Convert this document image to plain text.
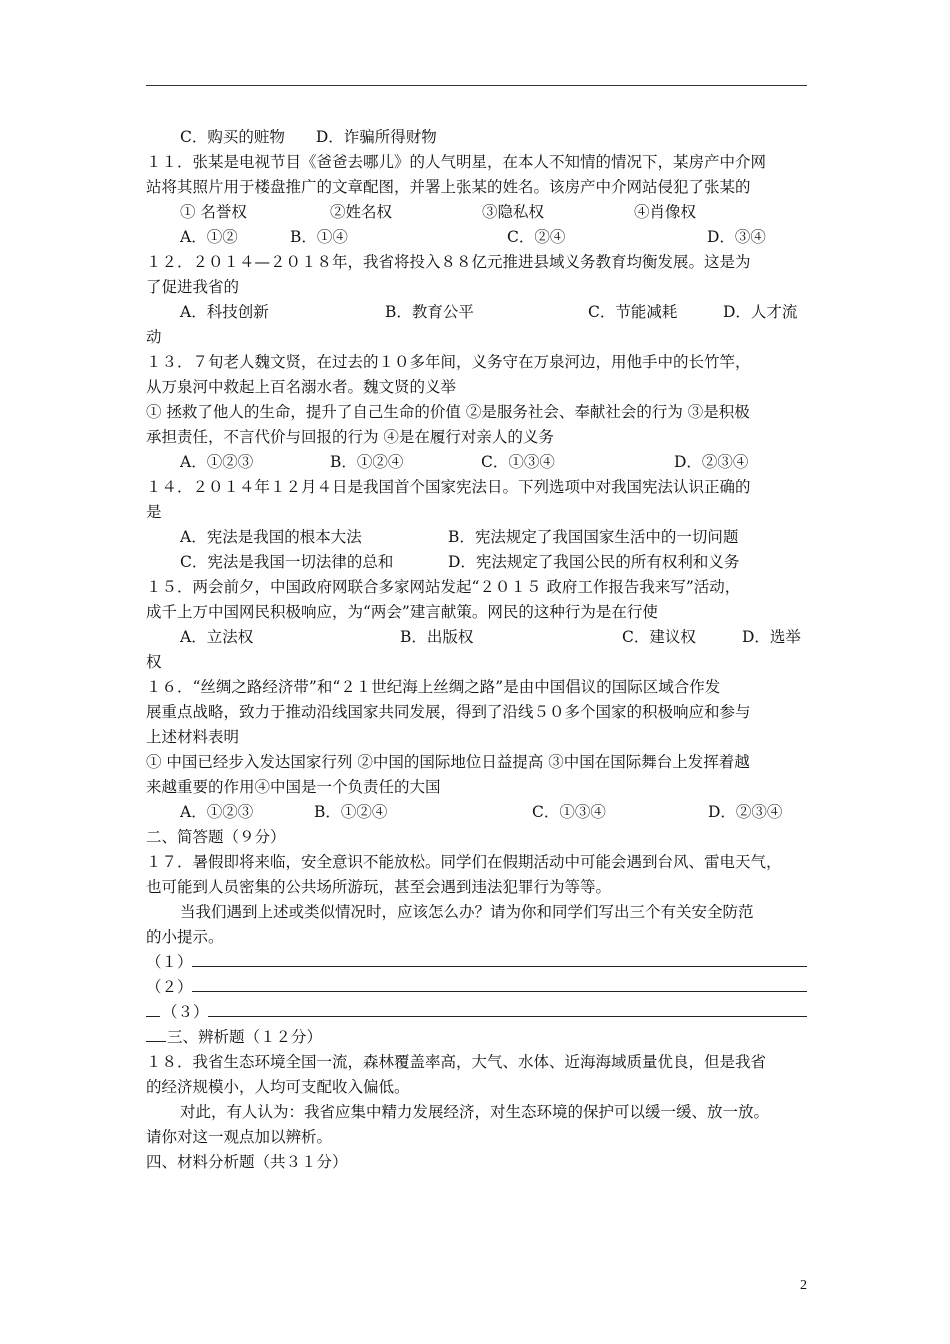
C．购买的赃物　　D．诈骗所得财物
１１．张某是电视节目《爸爸去哪儿》的人气明星，在本人不知情的情况下，某房产中介网
站将其照片用于楼盘推广的文章配图，并署上张某的姓名。该房产中介网站侵犯了张某的
① 名誉权	②姓名权	③隐私权	④肖像权
A．①②	B．①④	C．②④	D．③④
１２．２０１４—２０１８年，我省将投入８８亿元推进县域义务教育均衡发展。这是为
了促进我省的
A．科技创新	B．教育公平	C．节能减耗	D．人才流
动
１３．７旬老人魏文贤，在过去的１０多年间，义务守在万泉河边，用他手中的长竹竿，
从万泉河中救起上百名溺水者。魏文贤的义举
① 拯救了他人的生命，提升了自己生命的价值 ②是服务社会、奉献社会的行为 ③是积极
承担责任，不言代价与回报的行为 ④是在履行对亲人的义务
A．①②③	B．①②④	C．①③④	D．②③④
１４．２０１４年１２月４日是我国首个国家宪法日。下列选项中对我国宪法认识正确的
是
A．宪法是我国的根本大法	B．宪法规定了我国国家生活中的一切问题
C．宪法是我国一切法律的总和	D．宪法规定了我国公民的所有权利和义务
１５．两会前夕，中国政府网联合多家网站发起“２０１５ 政府工作报告我来写”活动，
成千上万中国网民积极响应，为“两会”建言献策。网民的这种行为是在行使
A．立法权	B．出版权	C．建议权	D．选举
权
１６．“丝绸之路经济带”和“２１世纪海上丝绸之路”是由中国倡议的国际区域合作发
展重点战略，致力于推动沿线国家共同发展，得到了沿线５０多个国家的积极响应和参与
上述材料表明
① 中国已经步入发达国家行列 ②中国的国际地位日益提高 ③中国在国际舞台上发挥着越
来越重要的作用④中国是一个负责任的大国
A．①②③	B．①②④	C．①③④	D．②③④
二、简答题（９分）
１７．暑假即将来临，安全意识不能放松。同学们在假期活动中可能会遇到台风、雷电天气，
也可能到人员密集的公共场所游玩，甚至会遇到违法犯罪行为等等。
当我们遇到上述或类似情况时，应该怎么办？请为你和同学们写出三个有关安全防范
的小提示。
（１）
（２）
（３）
三、辨析题（１２分）
１８．我省生态环境全国一流，森林覆盖率高，大气、水体、近海海域质量优良，但是我省
的经济规模小，人均可支配收入偏低。
对此，有人认为：我省应集中精力发展经济，对生态环境的保护可以缓一缓、放一放。
请你对这一观点加以辨析。
四、材料分析题（共３１分）
2
